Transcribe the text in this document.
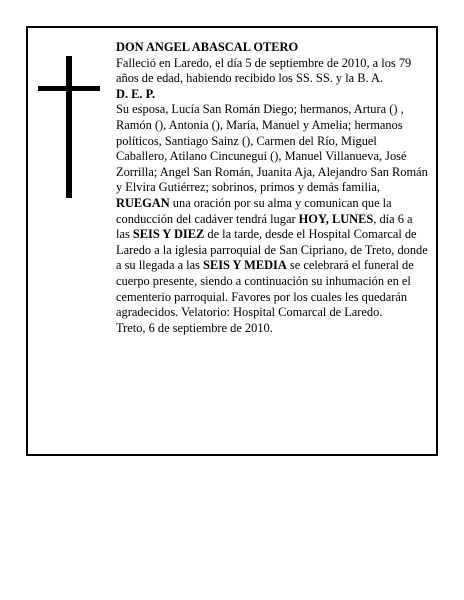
DON ANGEL ABASCAL OTERO

Falleció en Laredo, el día 5 de septiembre de 2010, a los 79 años de edad, habiendo recibido los SS. SS. y la B. A.

D. E. P.

Su esposa, Lucía San Román Diego; hermanos, Artura () , Ramón (), Antonia (), María, Manuel y Amelia; hermanos políticos, Santiago Sainz (), Carmen del Río, Miguel Caballero, Atilano Cincunegui (), Manuel Villanueva, José Zorrilla; Angel San Román, Juanita Aja, Alejandro San Román y Elvira Gutiérrez; sobrinos, primos y demás familia,

RUEGAN una oración por su alma y comunican que la conducción del cadáver tendrá lugar HOY, LUNES, día 6 a las SEIS Y DIEZ de la tarde, desde el Hospital Comarcal de Laredo a la iglesia parroquial de San Cipriano, de Treto, donde a su llegada a las SEIS Y MEDIA se celebrará el funeral de cuerpo presente, siendo a continuación su inhumación en el cementerio parroquial. Favores por los cuales les quedarán agradecidos. Velatorio: Hospital Comarcal de Laredo.

Treto, 6 de septiembre de 2010.
